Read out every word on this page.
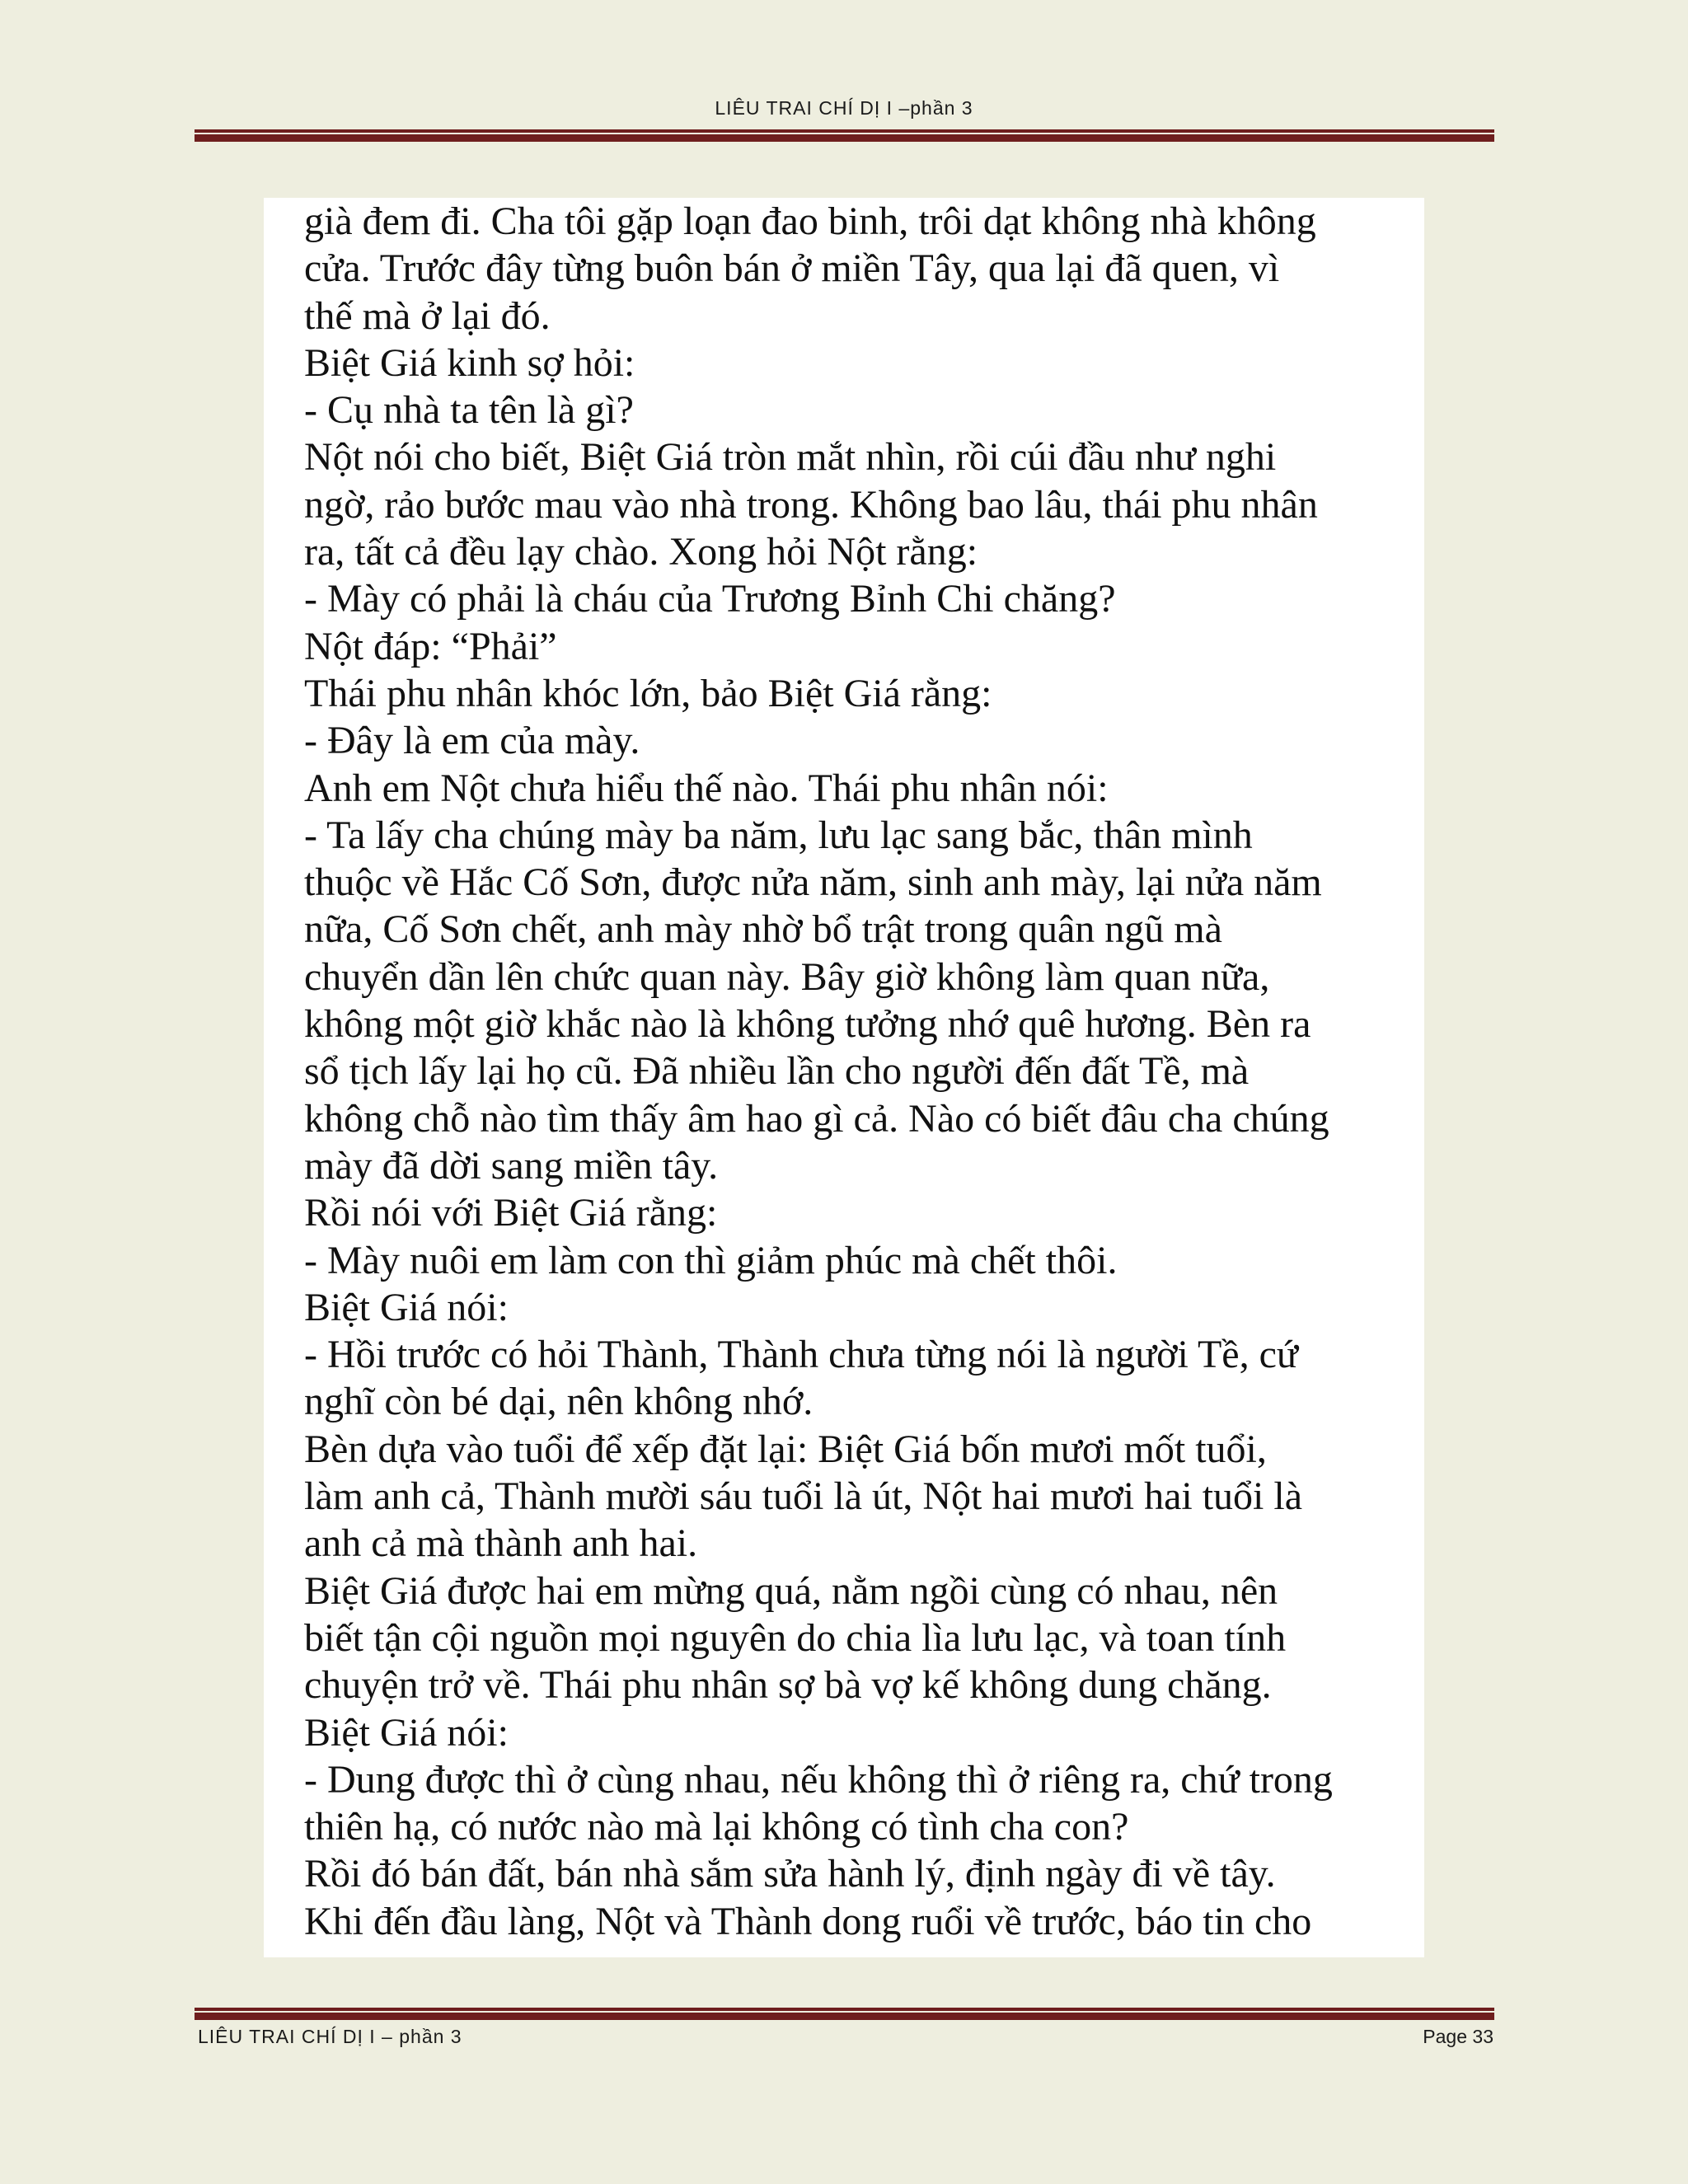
LIÊU TRAI CHÍ DỊ I –phần 3
già đem đi. Cha tôi gặp loạn đao binh, trôi dạt không nhà không
cửa. Trước đây từng buôn bán ở miền Tây, qua lại đã quen, vì
thế mà ở lại đó.
Biệt Giá kinh sợ hỏi:
- Cụ nhà ta tên là gì?
Nột nói cho biết, Biệt Giá tròn mắt nhìn, rồi cúi đầu như nghi
ngờ, rảo bước mau vào nhà trong. Không bao lâu, thái phu nhân
ra, tất cả đều lạy chào. Xong hỏi Nột rằng:
- Mày có phải là cháu của Trương Bỉnh Chi chăng?
Nột đáp: “Phải”
Thái phu nhân khóc lớn, bảo Biệt Giá rằng:
- Đây là em của mày.
Anh em Nột chưa hiểu thế nào. Thái phu nhân nói:
- Ta lấy cha chúng mày ba năm, lưu lạc sang bắc, thân mình
thuộc về Hắc Cố Sơn, được nửa năm, sinh anh mày, lại nửa năm
nữa, Cố Sơn chết, anh mày nhờ bổ trật trong quân ngũ mà
chuyển dần lên chức quan này. Bây giờ không làm quan nữa,
không một giờ khắc nào là không tưởng nhớ quê hương. Bèn ra
sổ tịch lấy lại họ cũ. Đã nhiều lần cho người đến đất Tề, mà
không chỗ nào tìm thấy âm hao gì cả. Nào có biết đâu cha chúng
mày đã dời sang miền tây.
Rồi nói với Biệt Giá rằng:
- Mày nuôi em làm con thì giảm phúc mà chết thôi.
Biệt Giá nói:
- Hồi trước có hỏi Thành, Thành chưa từng nói là người Tề, cứ
nghĩ còn bé dại, nên không nhớ.
Bèn dựa vào tuổi để xếp đặt lại: Biệt Giá bốn mươi mốt tuổi,
làm anh cả, Thành mười sáu tuổi là út, Nột hai mươi hai tuổi là
anh cả mà thành anh hai.
Biệt Giá được hai em mừng quá, nằm ngồi cùng có nhau, nên
biết tận cội nguồn mọi nguyên do chia lìa lưu lạc, và toan tính
chuyện trở về. Thái phu nhân sợ bà vợ kế không dung chăng.
Biệt Giá nói:
- Dung được thì ở cùng nhau, nếu không thì ở riêng ra, chứ trong
thiên hạ, có nước nào mà lại không có tình cha con?
Rồi đó bán đất, bán nhà sắm sửa hành lý, định ngày đi về tây.
Khi đến đầu làng, Nột và Thành dong ruổi về trước, báo tin cho
LIÊU TRAI CHÍ DỊ I – phần 3	Page 33
